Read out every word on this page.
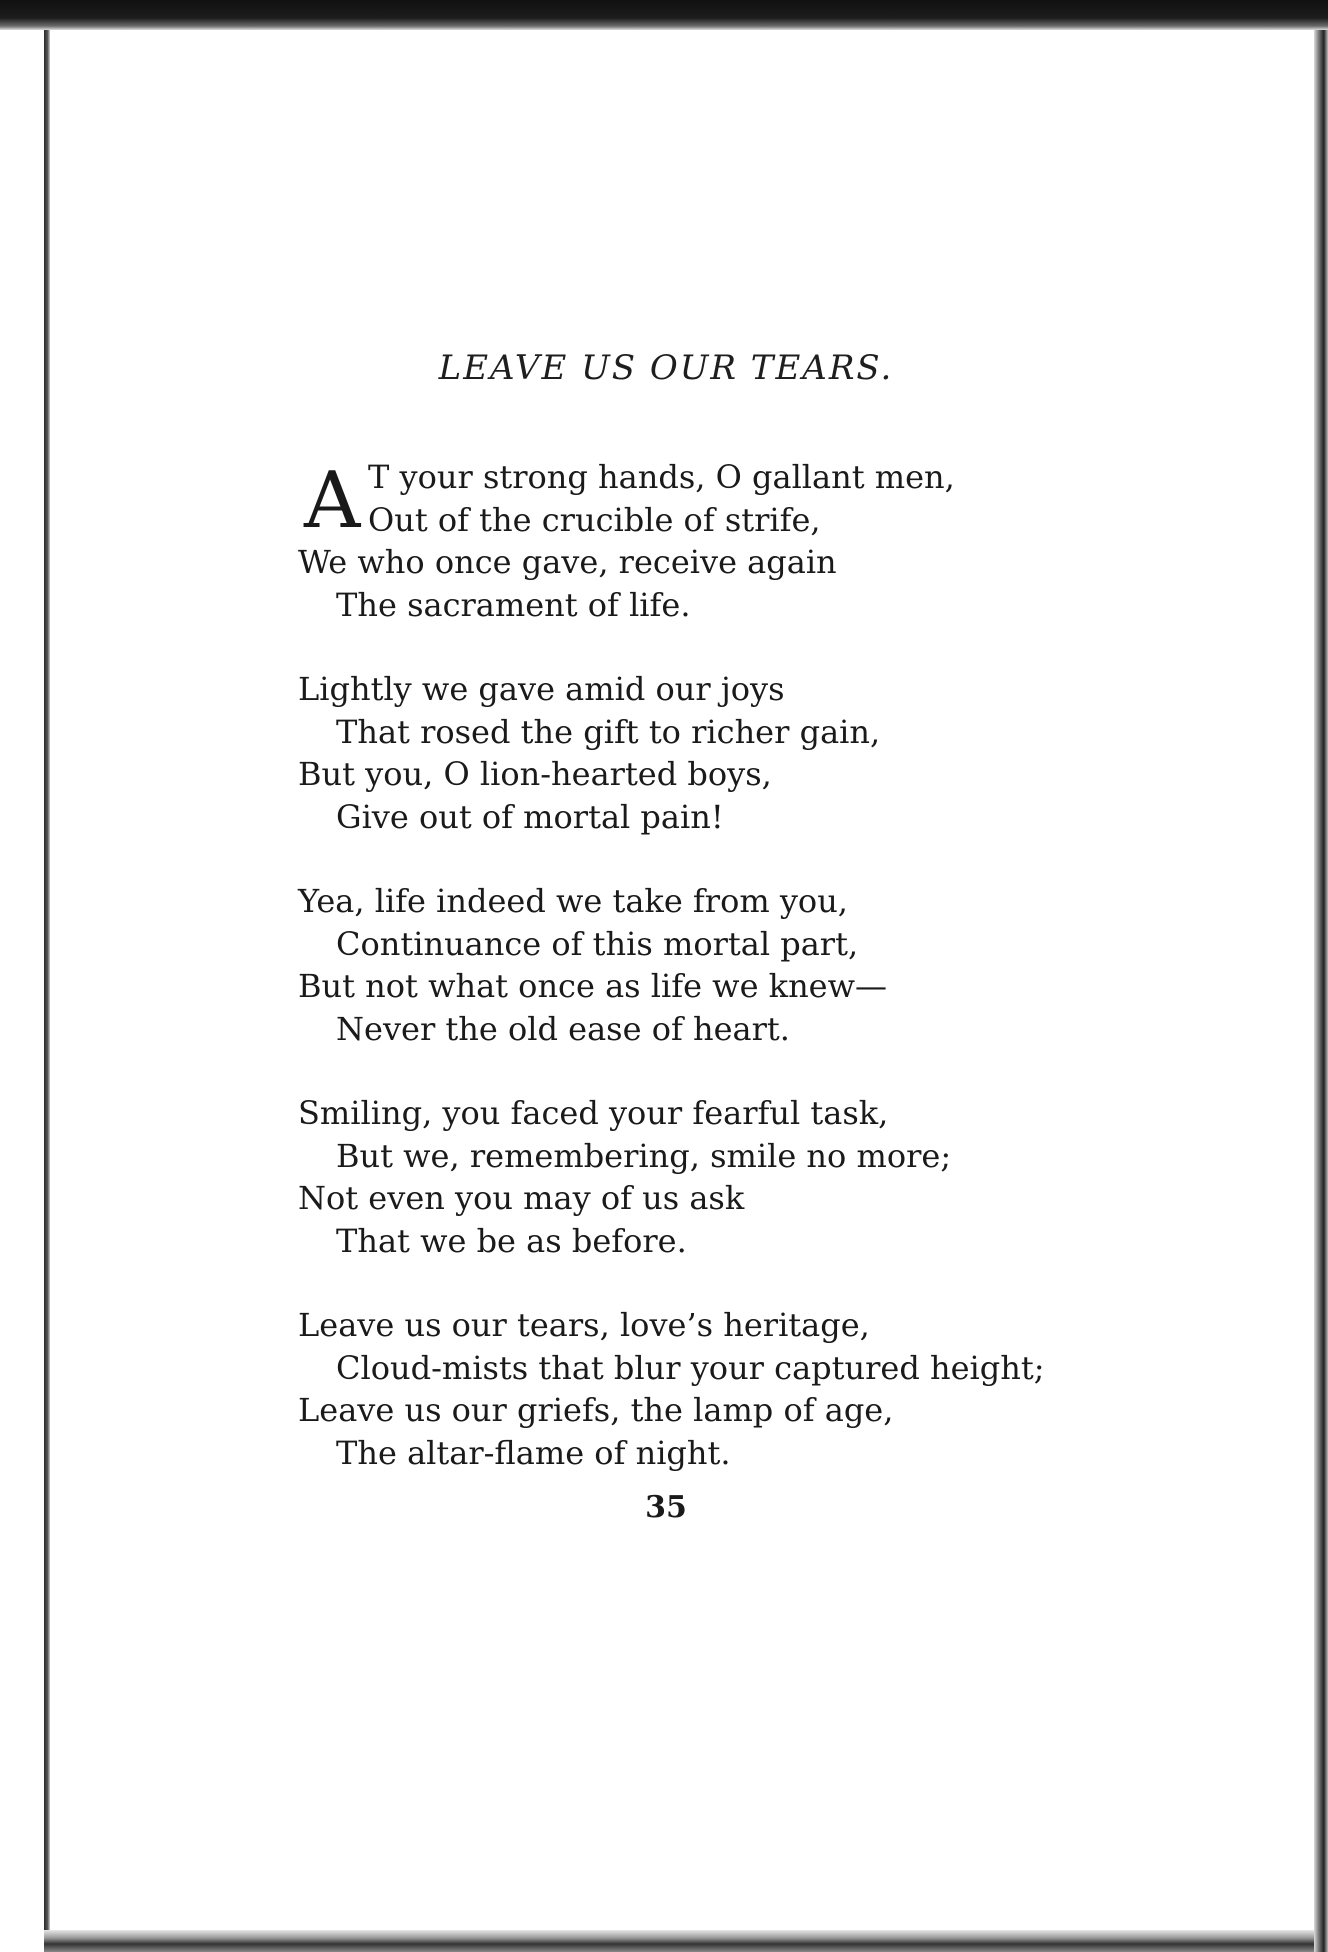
LEAVE US OUR TEARS.
A T your strong hands, O gallant men,
Out of the crucible of strife,
We who once gave, receive again
The sacrament of life.
Lightly we gave amid our joys
That rosed the gift to richer gain,
But you, O lion-hearted boys,
Give out of mortal pain!
Yea, life indeed we take from you,
Continuance of this mortal part,
But not what once as life we knew—
Never the old ease of heart.
Smiling, you faced your fearful task,
But we, remembering, smile no more;
Not even you may of us ask
That we be as before.
Leave us our tears, love’s heritage,
Cloud-mists that blur your captured height;
Leave us our griefs, the lamp of age,
The altar-flame of night.
35
